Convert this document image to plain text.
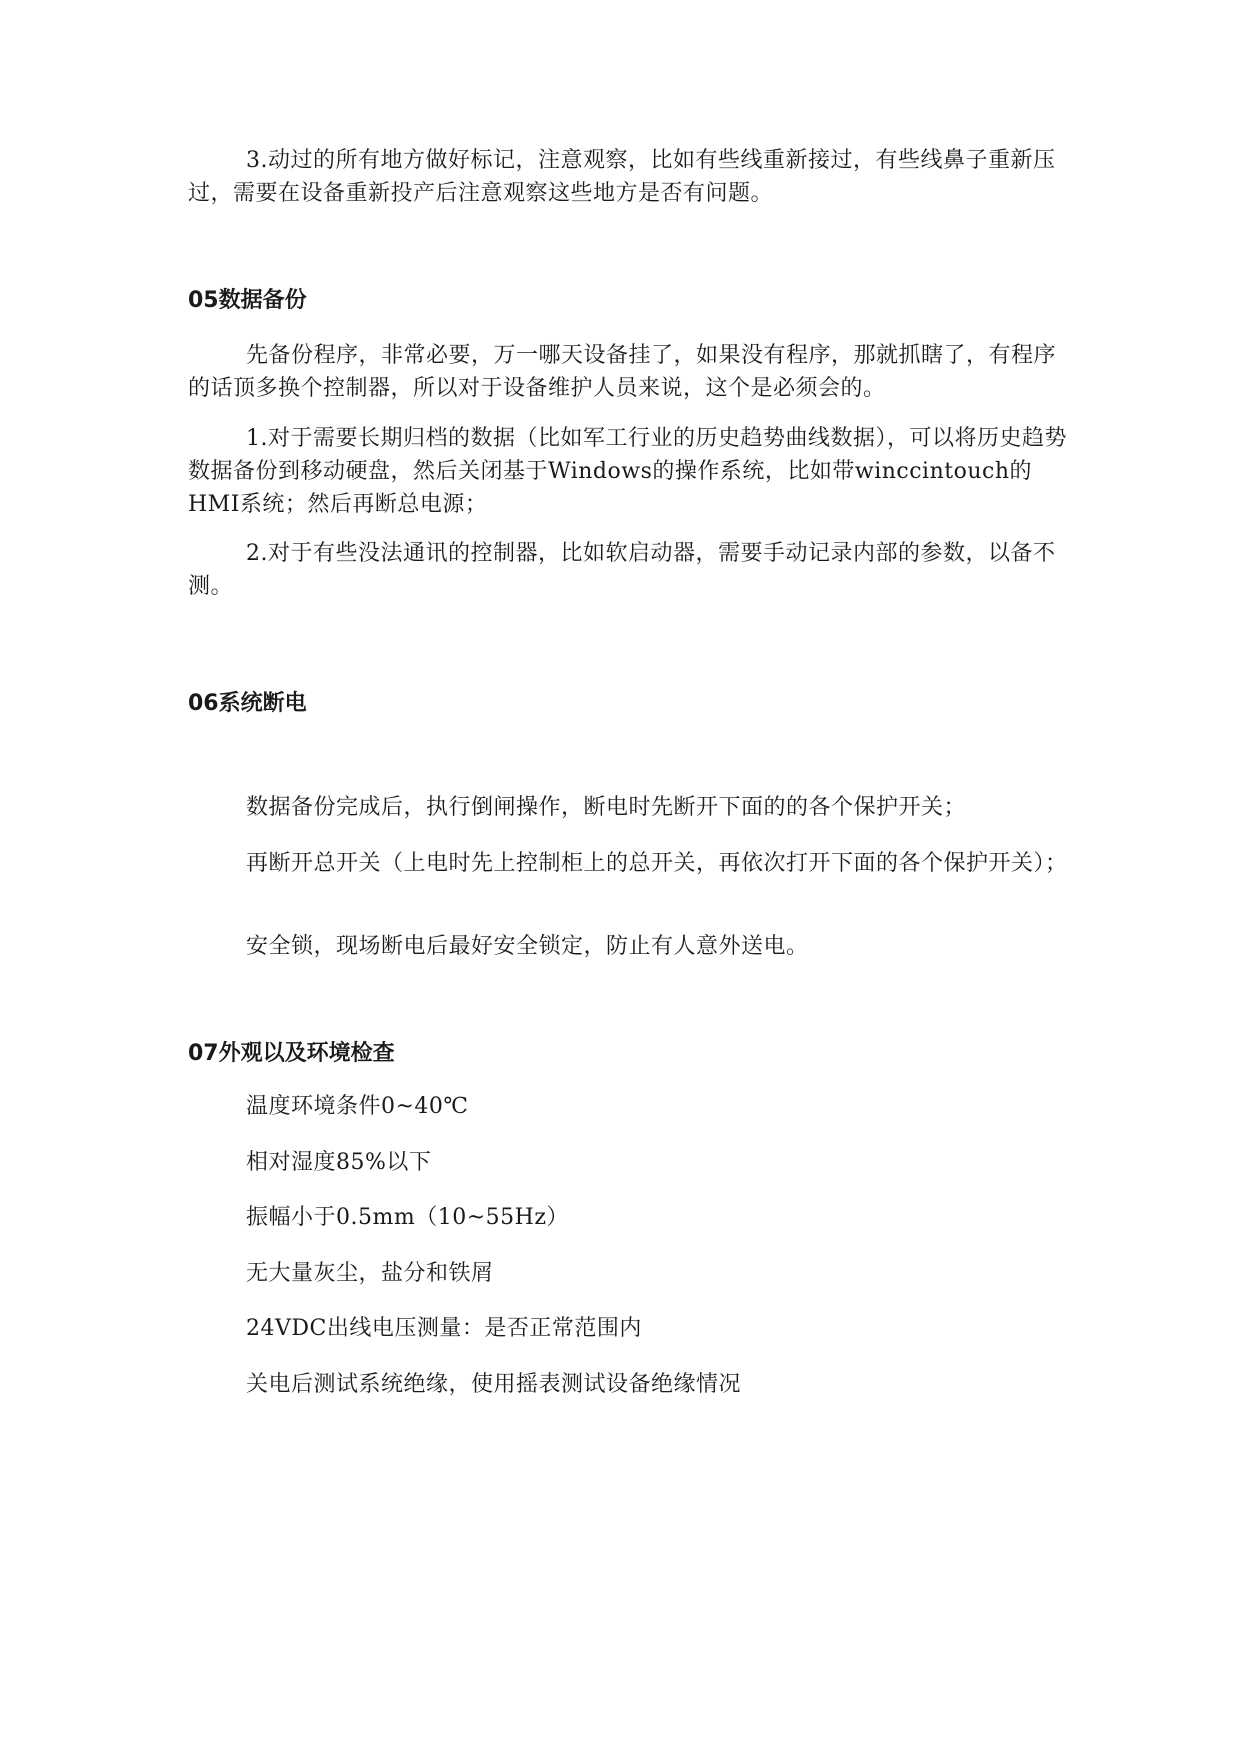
3.动过的所有地方做好标记，注意观察，比如有些线重新接过，有些线鼻子重新压过，需要在设备重新投产后注意观察这些地方是否有问题。

05数据备份

先备份程序，非常必要，万一哪天设备挂了，如果没有程序，那就抓瞎了，有程序的话顶多换个控制器，所以对于设备维护人员来说，这个是必须会的。

1.对于需要长期归档的数据（比如军工行业的历史趋势曲线数据），可以将历史趋势数据备份到移动硬盘，然后关闭基于Windows的操作系统，比如带winccintouch的HMI系统；然后再断总电源；

2.对于有些没法通讯的控制器，比如软启动器，需要手动记录内部的参数，以备不测。

06系统断电

数据备份完成后，执行倒闸操作，断电时先断开下面的的各个保护开关；

再断开总开关（上电时先上控制柜上的总开关，再依次打开下面的各个保护开关）；

安全锁，现场断电后最好安全锁定，防止有人意外送电。

07外观以及环境检查

温度环境条件0~40℃

相对湿度85%以下

振幅小于0.5mm（10~55Hz）

无大量灰尘，盐分和铁屑

24VDC出线电压测量：是否正常范围内

关电后测试系统绝缘，使用摇表测试设备绝缘情况
